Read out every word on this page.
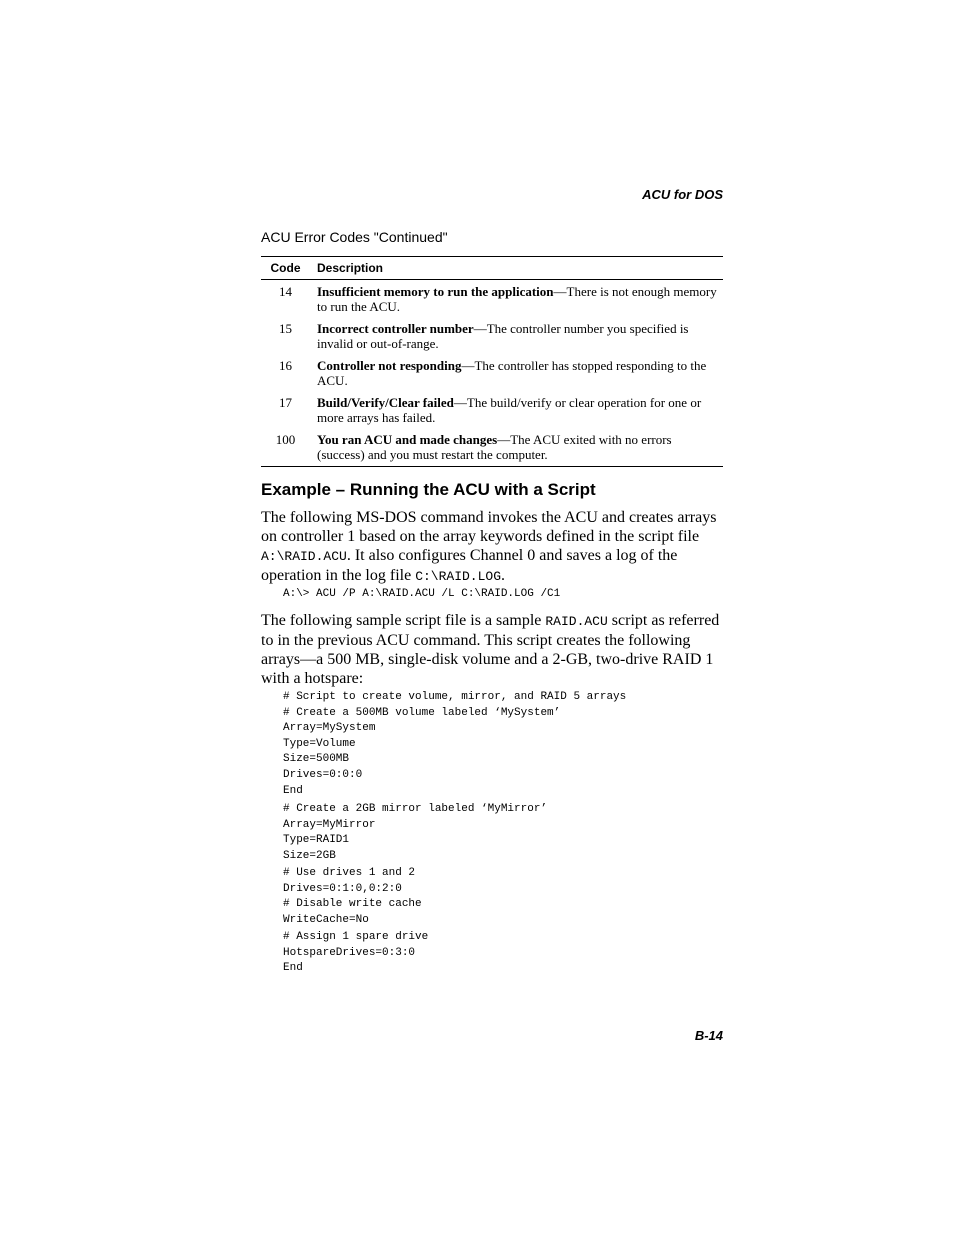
ACU for DOS
ACU Error Codes "Continued"
Code	Description
14	Insufficient memory to run the application—There is not enough memory to run the ACU.
15	Incorrect controller number—The controller number you specified is invalid or out-of-range.
16	Controller not responding—The controller has stopped responding to the ACU.
17	Build/Verify/Clear failed—The build/verify or clear operation for one or more arrays has failed.
100	You ran ACU and made changes—The ACU exited with no errors (success) and you must restart the computer.
Example – Running the ACU with a Script

The following MS-DOS command invokes the ACU and creates arrays on controller 1 based on the array keywords defined in the script file A:\RAID.ACU. It also configures Channel 0 and saves a log of the operation in the log file C:\RAID.LOG.

A:\> ACU /P A:\RAID.ACU /L C:\RAID.LOG /C1

The following sample script file is a sample RAID.ACU script as referred to in the previous ACU command. This script creates the following arrays—a 500 MB, single-disk volume and a 2-GB, two-drive RAID 1 with a hotspare:

# Script to create volume, mirror, and RAID 5 arrays
# Create a 500MB volume labeled ‘MySystem’
Array=MySystem
Type=Volume
Size=500MB
Drives=0:0:0
End
# Create a 2GB mirror labeled ‘MyMirror’
Array=MyMirror
Type=RAID1
Size=2GB
# Use drives 1 and 2
Drives=0:1:0,0:2:0
# Disable write cache
WriteCache=No
# Assign 1 spare drive
HotspareDrives=0:3:0
End
B-14
